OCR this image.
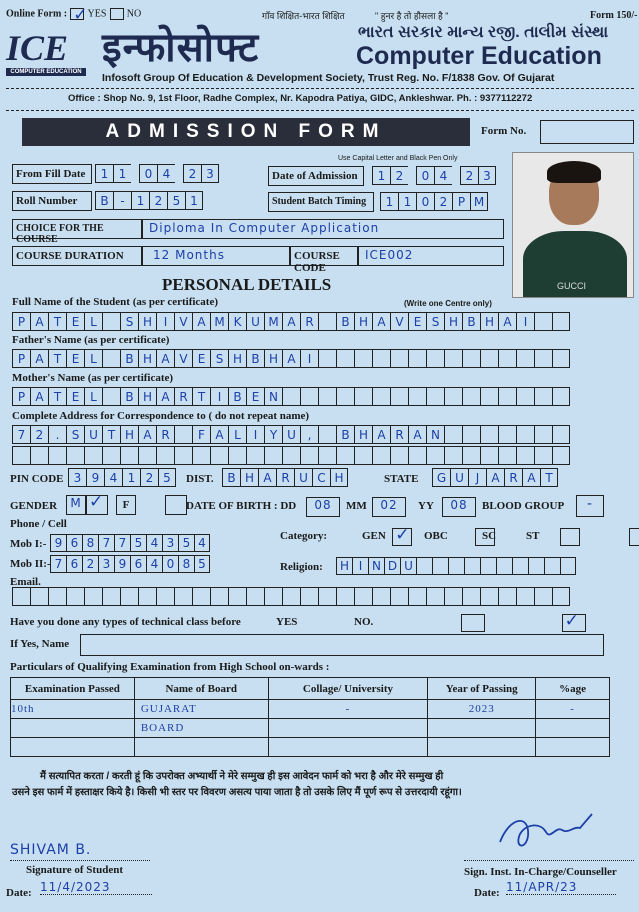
Online Form : ✓ YES NO	गाँव शिक्षित-भारत शिक्षित	" हुनर है तो हौसला है "	Form 150/-
ICE
COMPUTER EDUCATION
इन्फोसोफ्ट	ભારત સરકાર માન્ય રજી. તાલીમ સંસ્થા
Computer Education
Infosoft Group Of Education & Development Society, Trust Reg. No. F/1838 Gov. Of Gujarat
Office : Shop No. 9, 1st Floor, Radhe Complex, Nr. Kapodra Patiya, GIDC, Ankleshwar. Ph. : 9377112272
ADMISSION FORM	Form No.
Use Capital Letter and Black Pen Only
From Fill Date	1 1	0 4	2 3	Date of Admission	1 2	0 4	2 3
Roll Number	B -	1 2 5 1	Student Batch Timing	1 1 0 2 P M
CHOICE FOR THE COURSE
Diploma In Computer Application
COURSE DURATION	12 Months	COURSE CODE
ICE002
GUCCI
PERSONAL DETAILS
Full Name of the Student (as per certificate)	(Write one Centre only)
P A T E L	S H I	V A M K U M A R	B H A V E S H B H A	I
Father's Name (as per certificate)
P A T E L	B H A V E S H B H A	I
Mother's Name (as per certificate)
P A T E L	B H A R T	I	B E N
Complete Address for Correspondence to ( do not repeat name)
7 2	.	S U T H A R	F A L	I	Y U ,	B H A R A N
PIN CODE 3 9 4 1 2 5	DIST.	B H A R U C H	STATE	G U J	A R A T
GENDER	M ✓	F
	DATE OF BIRTH : DD	08	MM	02	YY	08	BLOOD GROUP	-
Phone / Cell
Mob I:- 9 6 8 7 7 5 4 3 5 4
Mob II:- 7 6 2 3 9 6 4 0 8 5
Category:
✓	GEN
	OBC
	SC
	ST
Religion:	H I N D U
Email.
Have you done any types of technical class before	YES
	NO.
✓
If Yes, Name
Particulars of Qualifying Examination from High School on-wards :
Examination Passed	Name of Board	Collage/ University	Year of Passing	%age
10th	GUJARAT	-	2023	-
	BOARD			

मैं सत्यापित करता / करती हूं कि उपरोक्त अभ्यार्थी ने मेरे सम्मुख ही इस आवेदन फार्म को भरा है और मेरे सम्मुख ही
उसने इस फार्म में हस्ताक्षर किये है। किसी भी स्तर पर विवरण असत्य पाया जाता है तो उसके लिए मैं पूर्ण रूप से उत्तरदायी रहूंगा।
SHIVAM B.
Signature of Student
Date: 11/4/2023
Sign. Inst. In-Charge/Counseller
Date: 11/APR/23
